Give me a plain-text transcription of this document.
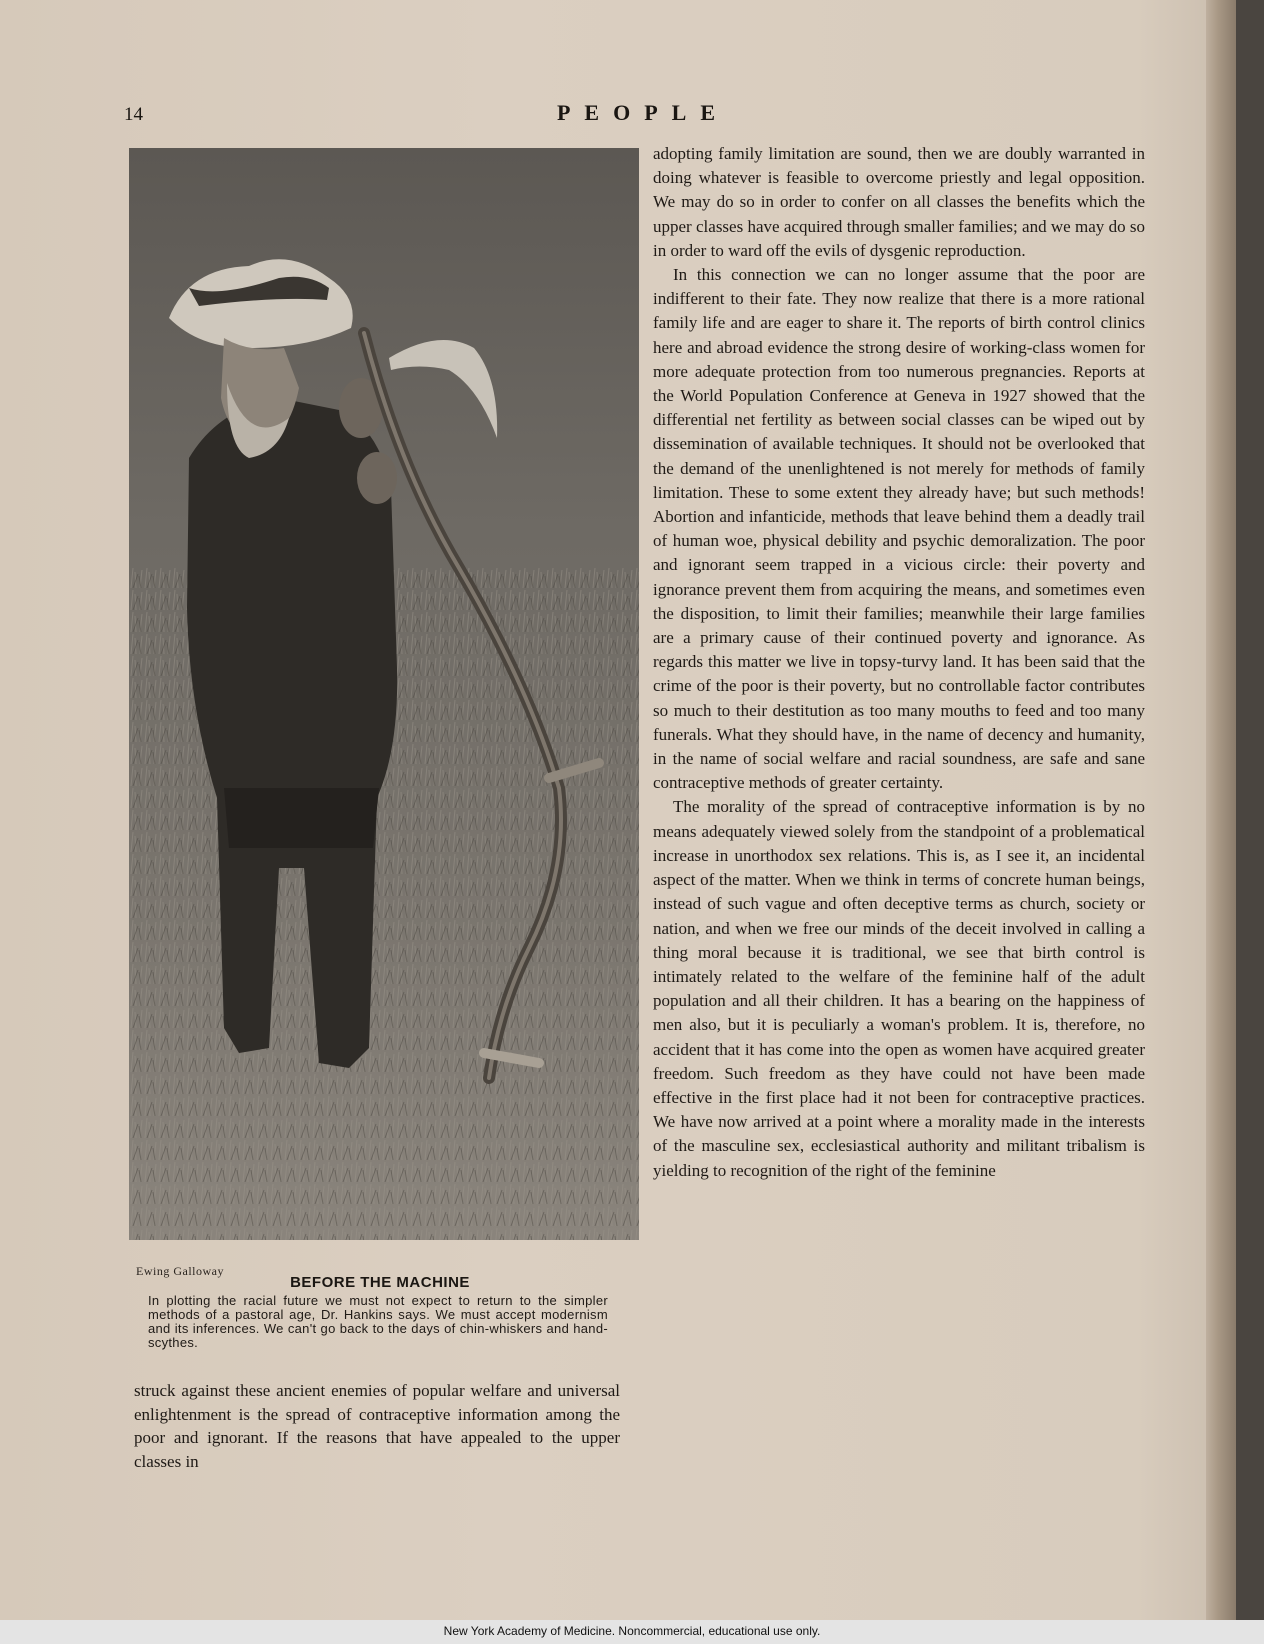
14	PEOPLE
Ewing Galloway
BEFORE THE MACHINE
In plotting the racial future we must not expect to return to the simpler methods of a pastoral age, Dr. Hankins says. We must accept modernism and its inferences. We can't go back to the days of chin-whiskers and hand-scythes.

struck against these ancient enemies of popular welfare and universal enlightenment is the spread of contraceptive information among the poor and ignorant. If the reasons that have appealed to the upper classes in

adopting family limitation are sound, then we are doubly warranted in doing whatever is feasible to overcome priestly and legal opposition. We may do so in order to confer on all classes the benefits which the upper classes have acquired through smaller families; and we may do so in order to ward off the evils of dysgenic reproduction.

In this connection we can no longer assume that the poor are indifferent to their fate. They now realize that there is a more rational family life and are eager to share it. The reports of birth control clinics here and abroad evidence the strong desire of working-class women for more adequate protection from too numerous pregnancies. Reports at the World Population Conference at Geneva in 1927 showed that the differential net fertility as between social classes can be wiped out by dissemination of available techniques. It should not be overlooked that the demand of the unenlightened is not merely for methods of family limitation. These to some extent they already have; but such methods! Abortion and infanticide, methods that leave behind them a deadly trail of human woe, physical debility and psychic demoralization. The poor and ignorant seem trapped in a vicious circle: their poverty and ignorance prevent them from acquiring the means, and sometimes even the disposition, to limit their families; meanwhile their large families are a primary cause of their continued poverty and ignorance. As regards this matter we live in topsy-turvy land. It has been said that the crime of the poor is their poverty, but no controllable factor contributes so much to their destitution as too many mouths to feed and too many funerals. What they should have, in the name of decency and humanity, in the name of social welfare and racial soundness, are safe and sane contraceptive methods of greater certainty.

The morality of the spread of contraceptive information is by no means adequately viewed solely from the standpoint of a problematical increase in unorthodox sex relations. This is, as I see it, an incidental aspect of the matter. When we think in terms of concrete human beings, instead of such vague and often deceptive terms as church, society or nation, and when we free our minds of the deceit involved in calling a thing moral because it is traditional, we see that birth control is intimately related to the welfare of the feminine half of the adult population and all their children. It has a bearing on the happiness of men also, but it is peculiarly a woman's problem. It is, therefore, no accident that it has come into the open as women have acquired greater freedom. Such freedom as they have could not have been made effective in the first place had it not been for contraceptive practices. We have now arrived at a point where a morality made in the interests of the masculine sex, ecclesiastical authority and militant tribalism is yielding to recognition of the right of the feminine

New York Academy of Medicine. Noncommercial, educational use only.
